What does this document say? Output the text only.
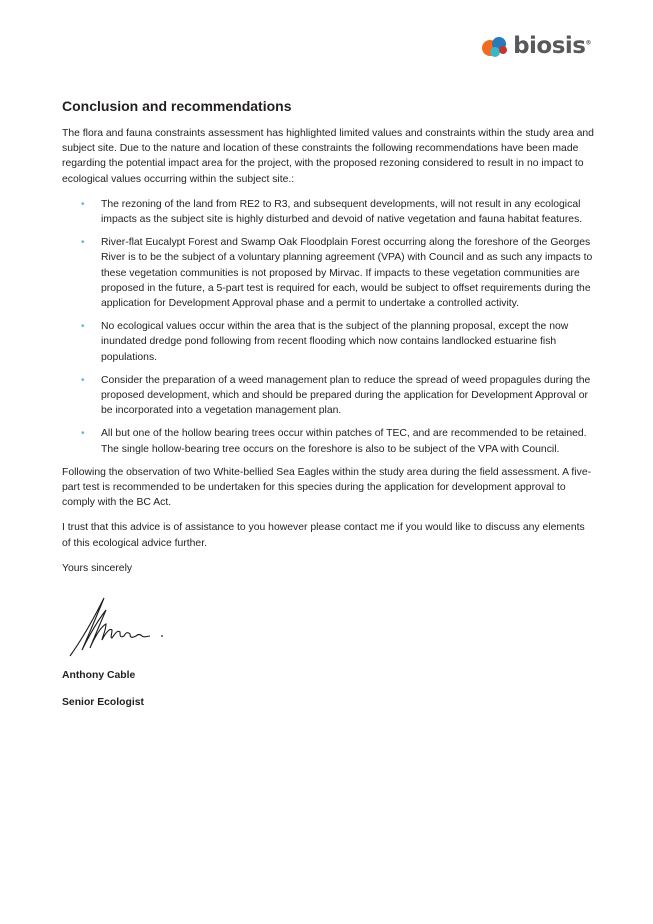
biosis®
Conclusion and recommendations

The flora and fauna constraints assessment has highlighted limited values and constraints within the study area and subject site. Due to the nature and location of these constraints the following recommendations have been made regarding the potential impact area for the project, with the proposed rezoning considered to result in no impact to ecological values occurring within the subject site.:

• The rezoning of the land from RE2 to R3, and subsequent developments, will not result in any ecological impacts as the subject site is highly disturbed and devoid of native vegetation and fauna habitat features.
• River-flat Eucalypt Forest and Swamp Oak Floodplain Forest occurring along the foreshore of the Georges River is to be the subject of a voluntary planning agreement (VPA) with Council and as such any impacts to these vegetation communities is not proposed by Mirvac. If impacts to these vegetation communities are proposed in the future, a 5-part test is required for each, would be subject to offset requirements during the application for Development Approval phase and a permit to undertake a controlled activity.
• No ecological values occur within the area that is the subject of the planning proposal, except the now inundated dredge pond following from recent flooding which now contains landlocked estuarine fish populations.
• Consider the preparation of a weed management plan to reduce the spread of weed propagules during the proposed development, which and should be prepared during the application for Development Approval or be incorporated into a vegetation management plan.
• All but one of the hollow bearing trees occur within patches of TEC, and are recommended to be retained. The single hollow-bearing tree occurs on the foreshore is also to be subject of the VPA with Council.

Following the observation of two White-bellied Sea Eagles within the study area during the field assessment. A five-part test is recommended to be undertaken for this species during the application for development approval to comply with the BC Act.

I trust that this advice is of assistance to you however please contact me if you would like to discuss any elements of this ecological advice further.

Yours sincerely

Anthony Cable

Senior Ecologist
